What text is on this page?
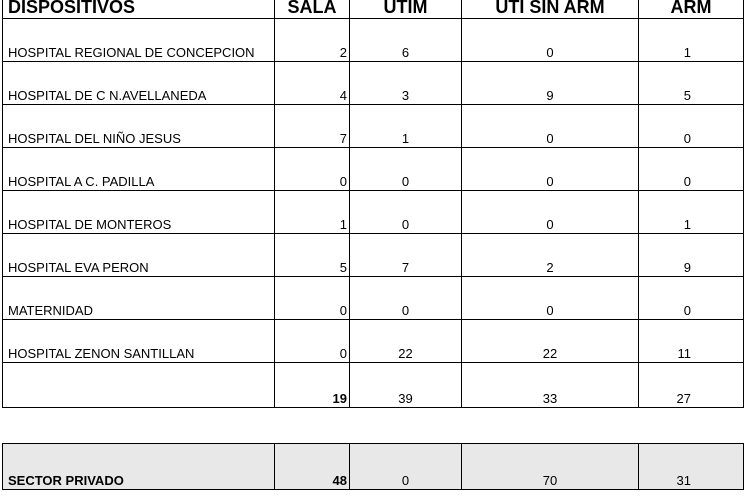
DISPOSITIVOS	SALA	UTIM	UTI SIN ARM	ARM
HOSPITAL REGIONAL DE CONCEPCION	2	6	0	1
HOSPITAL DE C N.AVELLANEDA	4	3	9	5
HOSPITAL DEL NIÑO JESUS	7	1	0	0
HOSPITAL A C. PADILLA	0	0	0	0
HOSPITAL DE MONTEROS	1	0	0	1
HOSPITAL EVA PERON	5	7	2	9
MATERNIDAD	0	0	0	0
HOSPITAL ZENON SANTILLAN	0	22	22	11
	19	39	33	27
SECTOR PRIVADO	48	0	70	31
